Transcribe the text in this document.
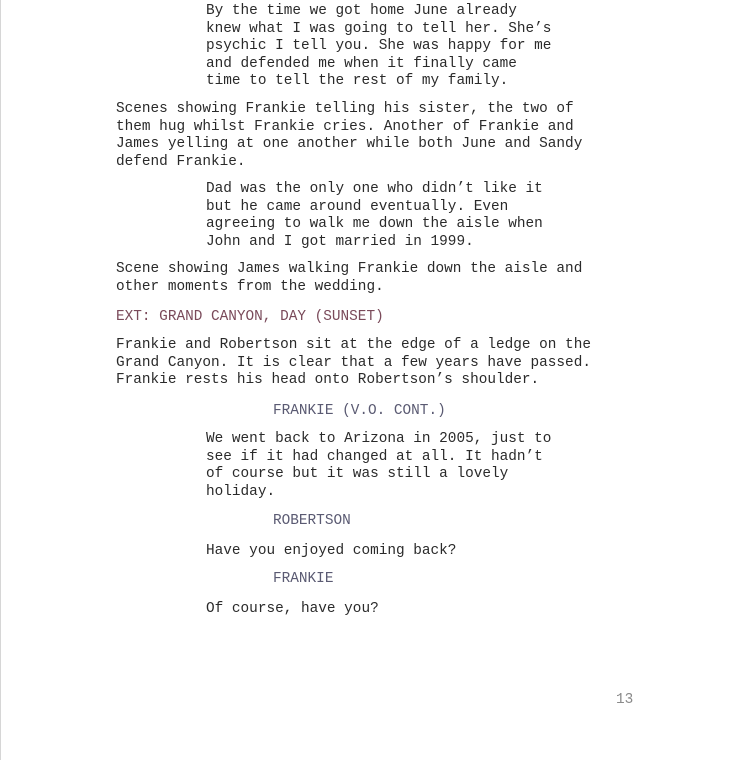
By the time we got home June already
knew what I was going to tell her. She’s
psychic I tell you. She was happy for me
and defended me when it finally came
time to tell the rest of my family.

Scenes showing Frankie telling his sister, the two of
them hug whilst Frankie cries. Another of Frankie and
James yelling at one another while both June and Sandy
defend Frankie.

Dad was the only one who didn’t like it
but he came around eventually. Even
agreeing to walk me down the aisle when
John and I got married in 1999.

Scene showing James walking Frankie down the aisle and
other moments from the wedding.

EXT: GRAND CANYON, DAY (SUNSET)

Frankie and Robertson sit at the edge of a ledge on the
Grand Canyon. It is clear that a few years have passed.
Frankie rests his head onto Robertson’s shoulder.

FRANKIE (V.O. CONT.)

We went back to Arizona in 2005, just to
see if it had changed at all. It hadn’t
of course but it was still a lovely
holiday.

ROBERTSON

Have you enjoyed coming back?

FRANKIE

Of course, have you?

13
